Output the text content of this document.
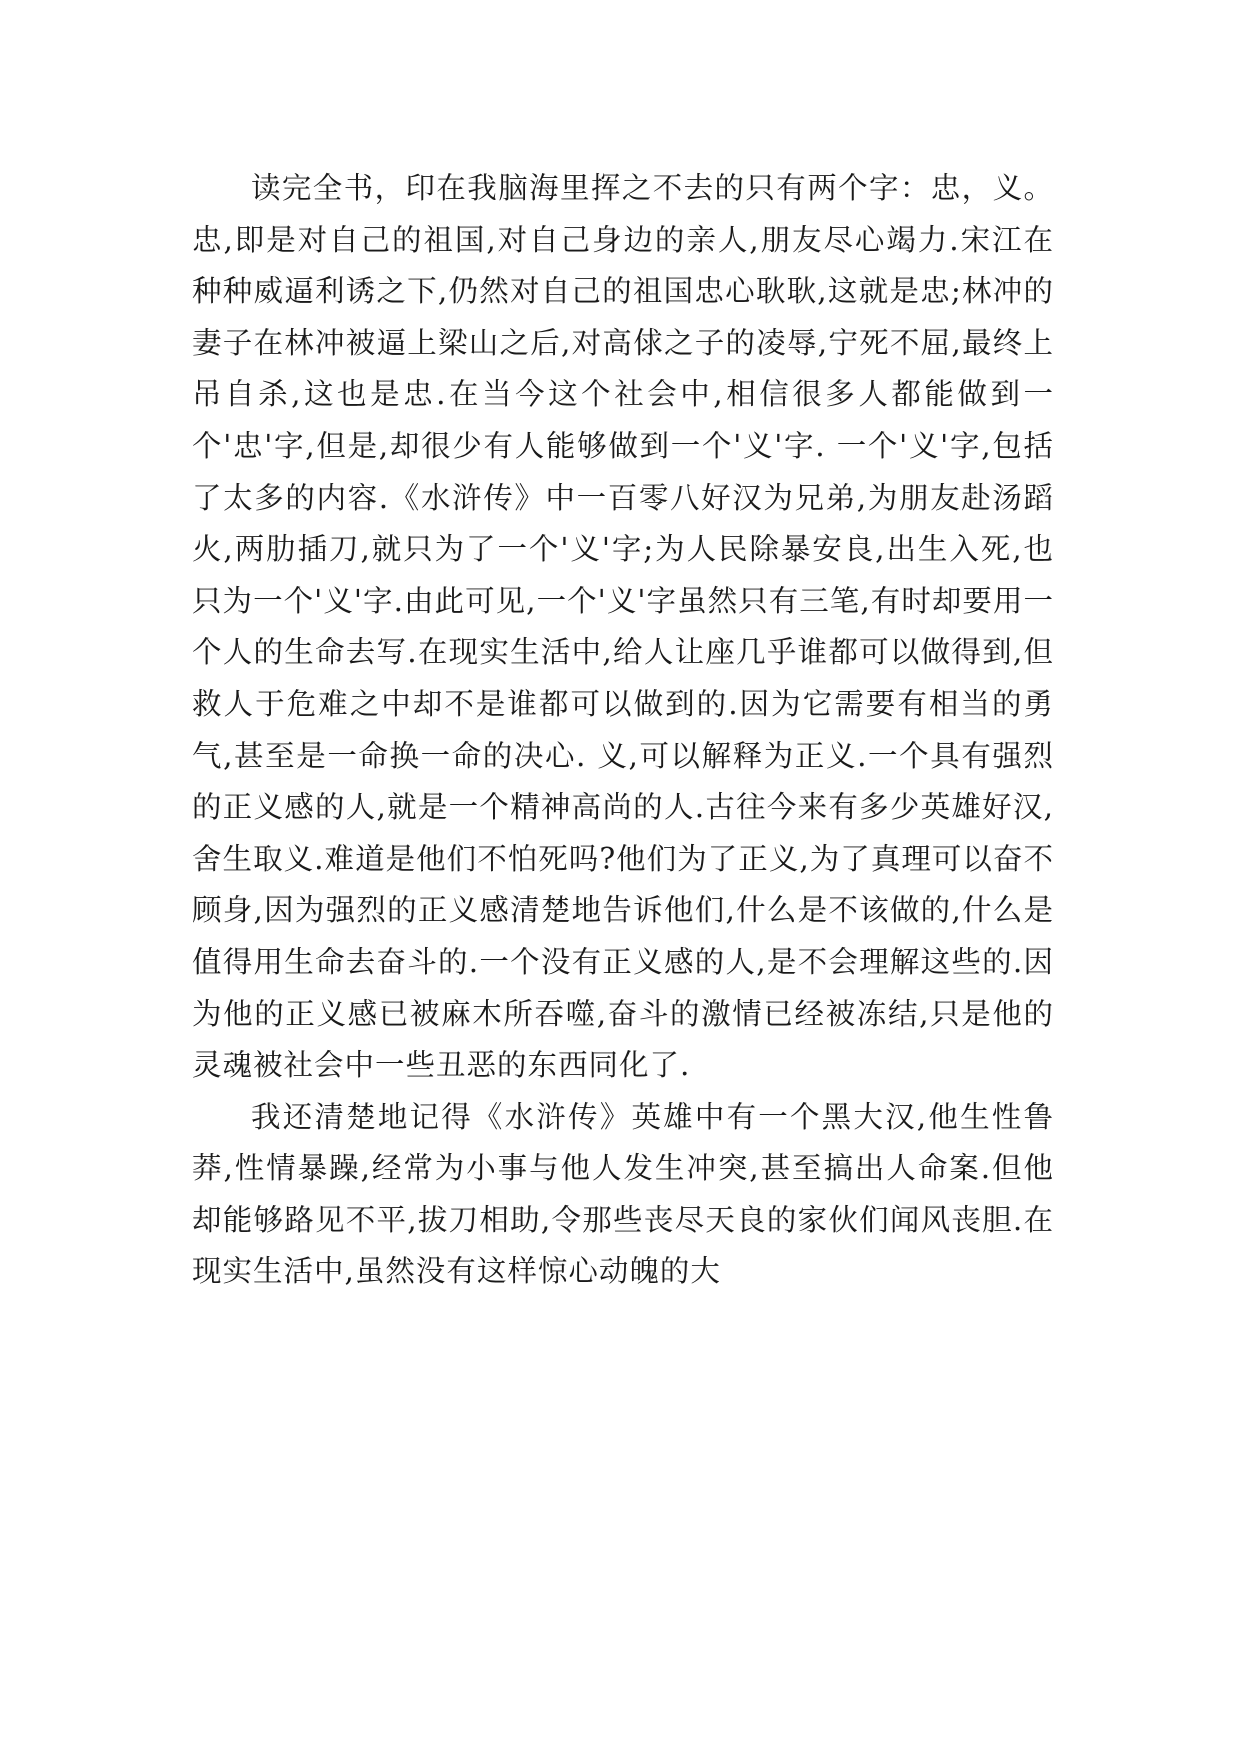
读完全书，印在我脑海里挥之不去的只有两个字：忠，义。 忠,即是对自己的祖国,对自己身边的亲人,朋友尽心竭力.宋江在种种威逼利诱之下,仍然对自己的祖国忠心耿耿,这就是忠;林冲的妻子在林冲被逼上梁山之后,对高俅之子的凌辱,宁死不屈,最终上吊自杀,这也是忠.在当今这个社会中,相信很多人都能做到一个'忠'字,但是,却很少有人能够做到一个'义'字. 一个'义'字,包括了太多的内容.《水浒传》中一百零八好汉为兄弟,为朋友赴汤蹈火,两肋插刀,就只为了一个'义'字;为人民除暴安良,出生入死,也只为一个'义'字.由此可见,一个'义'字虽然只有三笔,有时却要用一个人的生命去写.在现实生活中,给人让座几乎谁都可以做得到,但救人于危难之中却不是谁都可以做到的.因为它需要有相当的勇气,甚至是一命换一命的决心. 义,可以解释为正义.一个具有强烈的正义感的人,就是一个精神高尚的人.古往今来有多少英雄好汉,舍生取义.难道是他们不怕死吗?他们为了正义,为了真理可以奋不顾身,因为强烈的正义感清楚地告诉他们,什么是不该做的,什么是值得用生命去奋斗的.一个没有正义感的人,是不会理解这些的.因为他的正义感已被麻木所吞噬,奋斗的激情已经被冻结,只是他的灵魂被社会中一些丑恶的东西同化了.

我还清楚地记得《水浒传》英雄中有一个黑大汉,他生性鲁莽,性情暴躁,经常为小事与他人发生冲突,甚至搞出人命案.但他却能够路见不平,拔刀相助,令那些丧尽天良的家伙们闻风丧胆.在现实生活中,虽然没有这样惊心动魄的大
